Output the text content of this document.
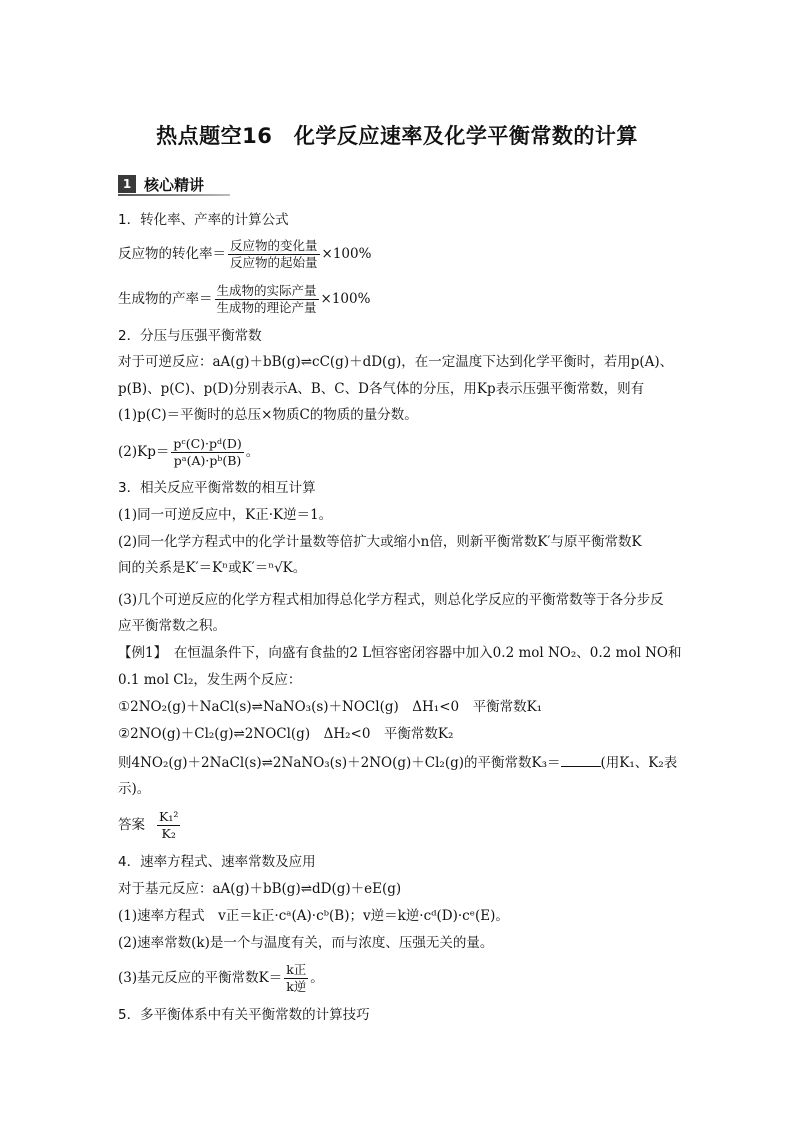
热点题空16　化学反应速率及化学平衡常数的计算
1 核心精讲
1．转化率、产率的计算公式
反应物的转化率＝ $\frac{\text{反应物的变化量}}{\text{反应物的起始量}} \times 100\%$
生成物的产率＝ $\frac{\text{生成物的实际产量}}{\text{生成物的理论产量}} \times 100\%$
2．分压与压强平衡常数
对于可逆反应：aA(g)＋bB(g)⇌cC(g)＋dD(g)，在一定温度下达到化学平衡时，若用p(A)、
p(B)、p(C)、p(D)分别表示A、B、C、D各气体的分压，用Kp表示压强平衡常数，则有
(1)p(C)＝平衡时的总压×物质C的物质的量分数。
$(2)Kp= \frac{\text{pᶜ(C)·pᵈ(D)}}{\text{pᵃ(A)·pᵇ(B)}}$ 。
3．相关反应平衡常数的相互计算
(1)同一可逆反应中，K正·K逆＝1。
(2)同一化学方程式中的化学计量数等倍扩大或缩小n倍，则新平衡常数K′与原平衡常数K
间的关系是K′＝Kⁿ或K′＝ⁿ√K。
(3)几个可逆反应的化学方程式相加得总化学方程式，则总化学反应的平衡常数等于各分步反
应平衡常数之积。
【例1】　在恒温条件下，向盛有食盐的2 L恒容密闭容器中加入0.2 mol NO₂、0.2 mol NO和
0.1 mol Cl₂，发生两个反应：
①2NO₂(g)＋NaCl(s)⇌NaNO₃(s)＋NOCl(g)　ΔH₁<0　平衡常数K₁
②2NO(g)＋Cl₂(g)⇌2NOCl(g)　ΔH₂<0　平衡常数K₂
则4NO₂(g)＋2NaCl(s)⇌2NaNO₃(s)＋2NO(g)＋Cl₂(g)的平衡常数K₃＝	(用K₁、K₂表
示)。
答案 $\frac{\text{K₁²}}{\text{K₂}}$
4．速率方程式、速率常数及应用
对于基元反应：aA(g)＋bB(g)⇌dD(g)＋eE(g)
(1)速率方程式　v正＝k正·cᵃ(A)·cᵇ(B)；v逆＝k逆·cᵈ(D)·cᵉ(E)。
(2)速率常数(k)是一个与温度有关，而与浓度、压强无关的量。
(3)基元反应的平衡常数$K= \frac{\text{k正}}{\text{k逆}}$ 。
5．多平衡体系中有关平衡常数的计算技巧
